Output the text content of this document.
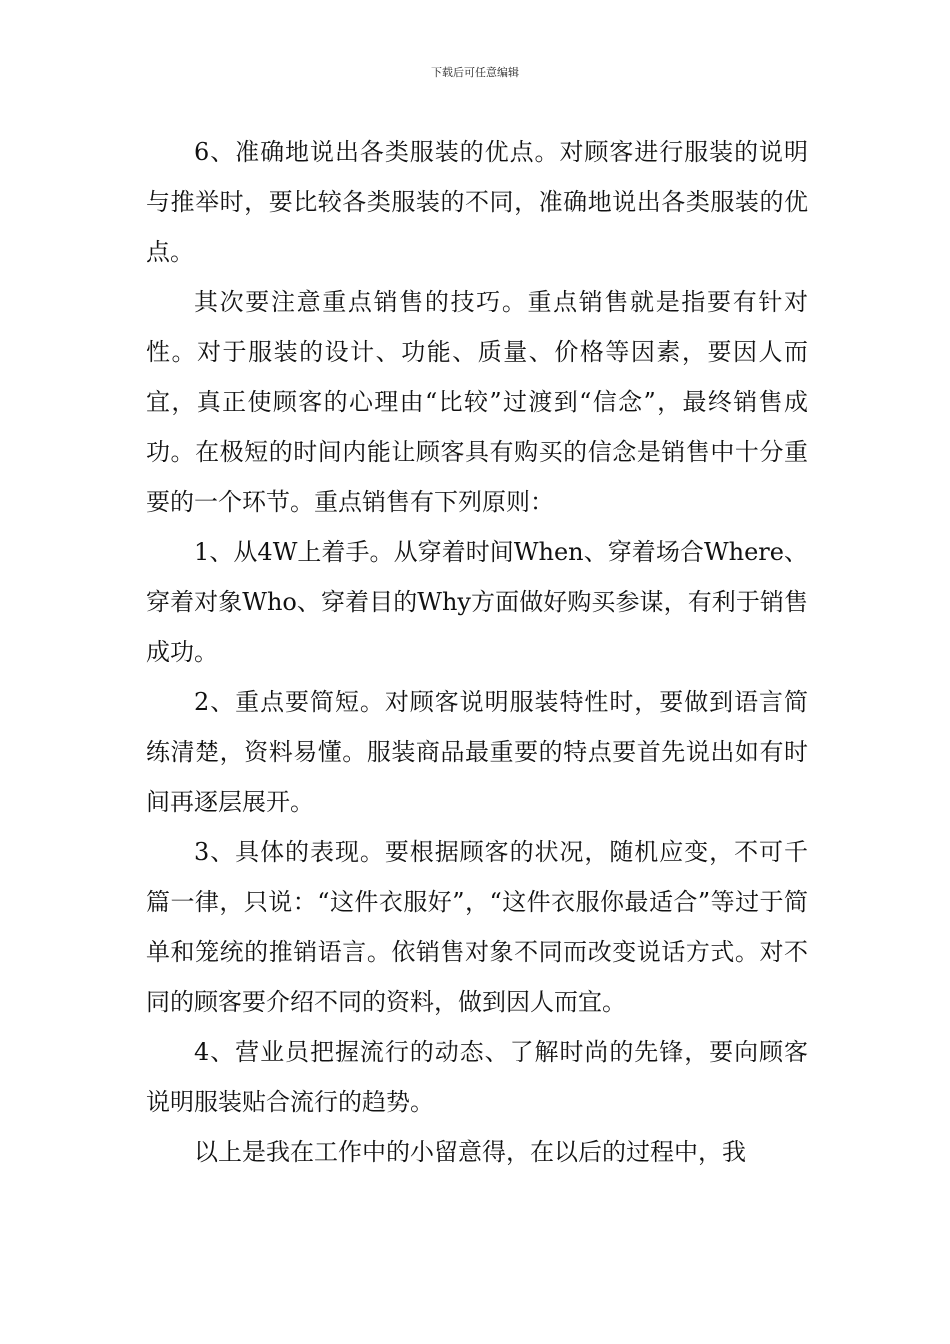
下载后可任意编辑

6、准确地说出各类服装的优点。对顾客进行服装的说明与推举时，要比较各类服装的不同，准确地说出各类服装的优点。

其次要注意重点销售的技巧。重点销售就是指要有针对性。对于服装的设计、功能、质量、价格等因素，要因人而宜，真正使顾客的心理由“比较”过渡到“信念”，最终销售成功。在极短的时间内能让顾客具有购买的信念是销售中十分重要的一个环节。重点销售有下列原则：

1、从4W上着手。从穿着时间When、穿着场合Where、穿着对象Who、穿着目的Why方面做好购买参谋，有利于销售成功。

2、重点要简短。对顾客说明服装特性时，要做到语言简练清楚，资料易懂。服装商品最重要的特点要首先说出如有时间再逐层展开。

3、具体的表现。要根据顾客的状况，随机应变，不可千篇一律，只说：“这件衣服好”，“这件衣服你最适合”等过于简单和笼统的推销语言。依销售对象不同而改变说话方式。对不同的顾客要介绍不同的资料，做到因人而宜。

4、营业员把握流行的动态、了解时尚的先锋，要向顾客说明服装贴合流行的趋势。

以上是我在工作中的小留意得，在以后的过程中，我
